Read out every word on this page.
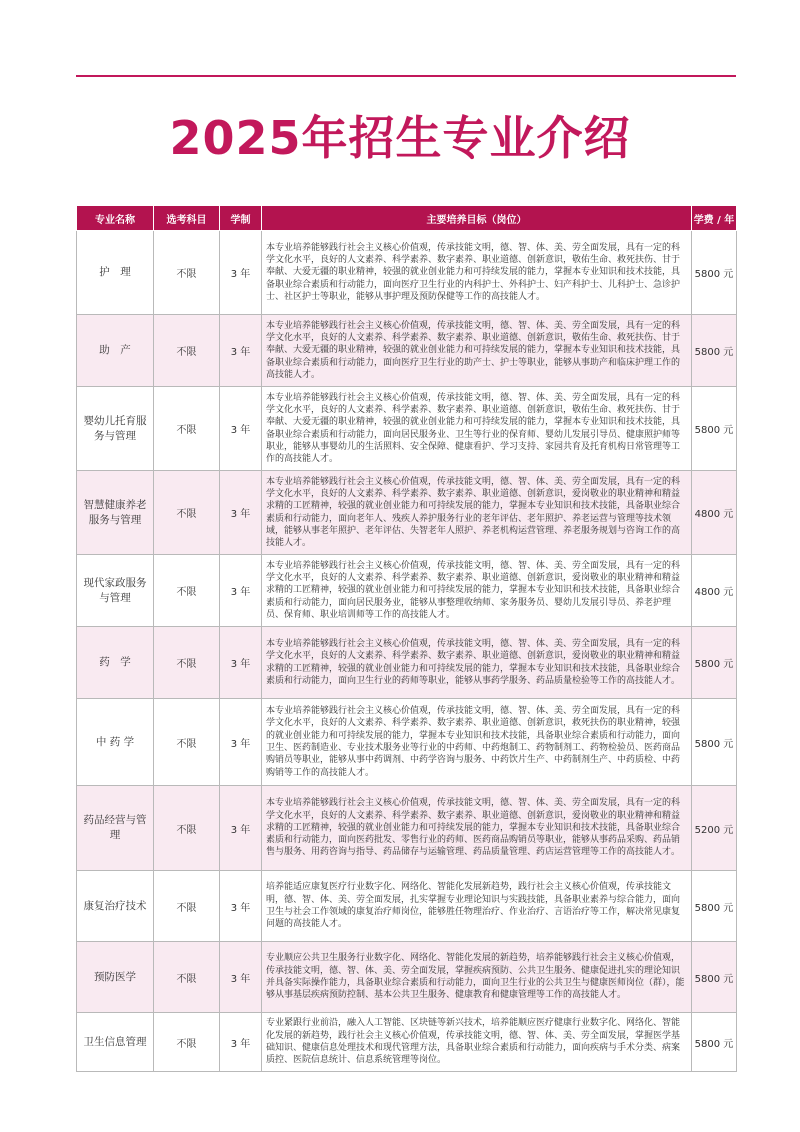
2025年招生专业介绍
专业名称	选考科目	学制	主要培养目标（岗位）	学费 / 年
护　理	不限	3 年	本专业培养能够践行社会主义核心价值观，传承技能文明，德、智、体、美、劳全面发展，具有一定的科学文化水平，良好的人文素养、科学素养、数字素养、职业道德、创新意识，敬佑生命、救死扶伤、甘于奉献、大爱无疆的职业精神，较强的就业创业能力和可持续发展的能力，掌握本专业知识和技术技能，具备职业综合素质和行动能力，面向医疗卫生行业的内科护士、外科护士、妇产科护士、儿科护士、急诊护士、社区护士等职业，能够从事护理及预防保健等工作的高技能人才。	5800 元
助　产	不限	3 年	本专业培养能够践行社会主义核心价值观，传承技能文明，德、智、体、美、劳全面发展，具有一定的科学文化水平，良好的人文素养、科学素养、数字素养、职业道德、创新意识，敬佑生命、救死扶伤、甘于奉献、大爱无疆的职业精神，较强的就业创业能力和可持续发展的能力，掌握本专业知识和技术技能，具备职业综合素质和行动能力，面向医疗卫生行业的助产士、护士等职业，能够从事助产和临床护理工作的高技能人才。	5800 元
婴幼儿托育服务与管理	不限	3 年	本专业培养能够践行社会主义核心价值观，传承技能文明，德、智、体、美、劳全面发展，具有一定的科学文化水平，良好的人文素养、科学素养、数字素养、职业道德、创新意识，敬佑生命、救死扶伤、甘于奉献、大爱无疆的职业精神，较强的就业创业能力和可持续发展的能力，掌握本专业知识和技术技能，具备职业综合素质和行动能力，面向居民服务业、卫生等行业的保育师、婴幼儿发展引导员、健康照护师等职业，能够从事婴幼儿的生活照料、安全保障、健康看护、学习支持、家园共育及托育机构日常管理等工作的高技能人才。	5800 元
智慧健康养老服务与管理	不限	3 年	本专业培养能够践行社会主义核心价值观，传承技能文明，德、智、体、美、劳全面发展，具有一定的科学文化水平，良好的人文素养、科学素养、数字素养、职业道德、创新意识，爱岗敬业的职业精神和精益求精的工匠精神，较强的就业创业能力和可持续发展的能力，掌握本专业知识和技术技能，具备职业综合素质和行动能力，面向老年人、残疾人养护服务行业的老年评估、老年照护、养老运营与管理等技术领域，能够从事老年照护、老年评估、失智老年人照护、养老机构运营管理、养老服务规划与咨询工作的高技能人才。	4800 元
现代家政服务与管理	不限	3 年	本专业培养能够践行社会主义核心价值观，传承技能文明，德、智、体、美、劳全面发展，具有一定的科学文化水平，良好的人文素养、科学素养、数字素养、职业道德、创新意识，爱岗敬业的职业精神和精益求精的工匠精神，较强的就业创业能力和可持续发展的能力，掌握本专业知识和技术技能，具备职业综合素质和行动能力，面向居民服务业，能够从事整理收纳师、家务服务员、婴幼儿发展引导员、养老护理员、保育师、职业培训师等工作的高技能人才。	4800 元
药　学	不限	3 年	本专业培养能够践行社会主义核心价值观，传承技能文明，德、智、体、美、劳全面发展，具有一定的科学文化水平，良好的人文素养、科学素养、数字素养、职业道德、创新意识，爱岗敬业的职业精神和精益求精的工匠精神，较强的就业创业能力和可持续发展的能力，掌握本专业知识和技术技能，具备职业综合素质和行动能力，面向卫生行业的药师等职业，能够从事药学服务、药品质量检验等工作的高技能人才。	5800 元
中 药 学	不限	3 年	本专业培养能够践行社会主义核心价值观，传承技能文明，德、智、体、美、劳全面发展，具有一定的科学文化水平，良好的人文素养、科学素养、数字素养、职业道德、创新意识，救死扶伤的职业精神，较强的就业创业能力和可持续发展的能力，掌握本专业知识和技术技能，具备职业综合素质和行动能力，面向卫生、医药制造业、专业技术服务业等行业的中药师、中药炮制工、药物制剂工、药物检验员、医药商品购销员等职业，能够从事中药调剂、中药学咨询与服务、中药饮片生产、中药制剂生产、中药质检、中药购销等工作的高技能人才。	5800 元
药品经营与管理	不限	3 年	本专业培养能够践行社会主义核心价值观，传承技能文明，德、智、体、美、劳全面发展，具有一定的科学文化水平，良好的人文素养、科学素养、数字素养、职业道德、创新意识，爱岗敬业的职业精神和精益求精的工匠精神，较强的就业创业能力和可持续发展的能力，掌握本专业知识和技术技能，具备职业综合素质和行动能力，面向医药批发、零售行业的药师、医药商品购销员等职业，能够从事药品采购、药品销售与服务、用药咨询与指导、药品储存与运输管理、药品质量管理、药店运营管理等工作的高技能人才。	5200 元
康复治疗技术	不限	3 年	培养能适应康复医疗行业数字化、网络化、智能化发展新趋势，践行社会主义核心价值观，传承技能文明，德、智、体、美、劳全面发展，扎实掌握专业理论知识与实践技能，具备职业素养与综合能力，面向卫生与社会工作领域的康复治疗师岗位，能够胜任物理治疗、作业治疗、言语治疗等工作，解决常见康复问题的高技能人才。	5800 元
预防医学	不限	3 年	专业顺应公共卫生服务行业数字化、网络化、智能化发展的新趋势，培养能够践行社会主义核心价值观，传承技能文明，德、智、体、美、劳全面发展，掌握疾病预防、公共卫生服务、健康促进扎实的理论知识并具备实际操作能力，具备职业综合素质和行动能力，面向卫生行业的公共卫生与健康医师岗位（群），能够从事基层疾病预防控制、基本公共卫生服务、健康教育和健康管理等工作的高技能人才。	5800 元
卫生信息管理	不限	3 年	专业紧跟行业前沿，融入人工智能、区块链等新兴技术，培养能顺应医疗健康行业数字化、网络化、智能化发展的新趋势，践行社会主义核心价值观，传承技能文明，德、智、体、美、劳全面发展，掌握医学基础知识、健康信息处理技术和现代管理方法，具备职业综合素质和行动能力，面向疾病与手术分类、病案质控、医院信息统计、信息系统管理等岗位。	5800 元
